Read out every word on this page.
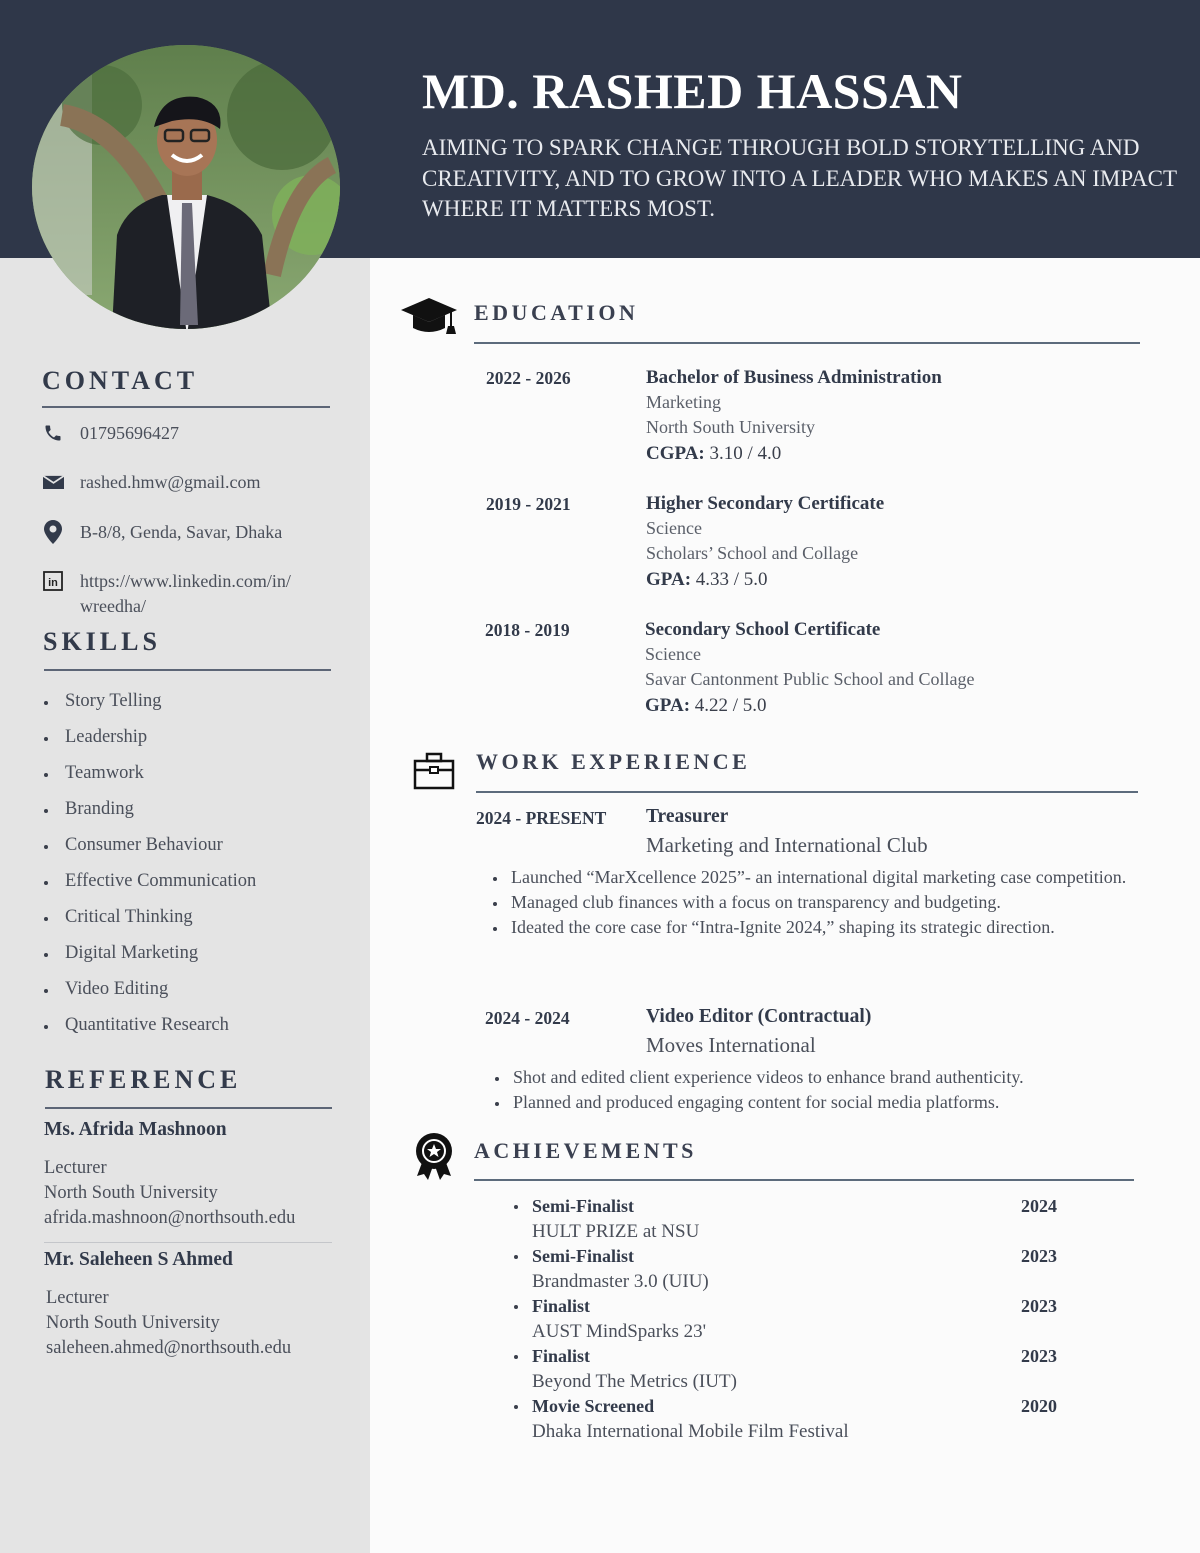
MD. RASHED HASSAN

AIMING TO SPARK CHANGE THROUGH BOLD STORYTELLING AND CREATIVITY, AND TO GROW INTO A LEADER WHO MAKES AN IMPACT WHERE IT MATTERS MOST.

CONTACT
01795696427
rashed.hmw@gmail.com
B-8/8, Genda, Savar, Dhaka
in https://www.linkedin.com/in/ wreedha/
SKILLS
Story Telling
Leadership
Teamwork
Branding
Consumer Behaviour
Effective Communication
Critical Thinking
Digital Marketing
Video Editing
Quantitative Research
REFERENCE
Ms. Afrida Mashnoon
Lecturer
North South University
afrida.mashnoon@northsouth.edu
Mr. Saleheen S Ahmed
Lecturer
North South University
saleheen.ahmed@northsouth.edu
EDUCATION
2022 - 2026	Bachelor of Business Administration
Marketing
North South University
CGPA: 3.10 / 4.0
2019 - 2021	Higher Secondary Certificate
Science
Scholars’ School and Collage
GPA: 4.33 / 5.0
2018 - 2019	Secondary School Certificate
Science
Savar Cantonment Public School and Collage
GPA: 4.22 / 5.0
WORK EXPERIENCE
2024 - PRESENT Treasurer
Marketing and International Club
Launched “MarXcellence 2025”- an international digital marketing case competition.
Managed club finances with a focus on transparency and budgeting.
Ideated the core case for “Intra-Ignite 2024,” shaping its strategic direction.
2024 - 2024	Video Editor (Contractual)
Moves International
Shot and edited client experience videos to enhance brand authenticity.
Planned and produced engaging content for social media platforms.
ACHIEVEMENTS
Semi-Finalist	2024
HULT PRIZE at NSU
Semi-Finalist	2023
Brandmaster 3.0 (UIU)
Finalist	2023
AUST MindSparks 23'
Finalist	2023
Beyond The Metrics (IUT)
Movie Screened	2020
Dhaka International Mobile Film Festival
